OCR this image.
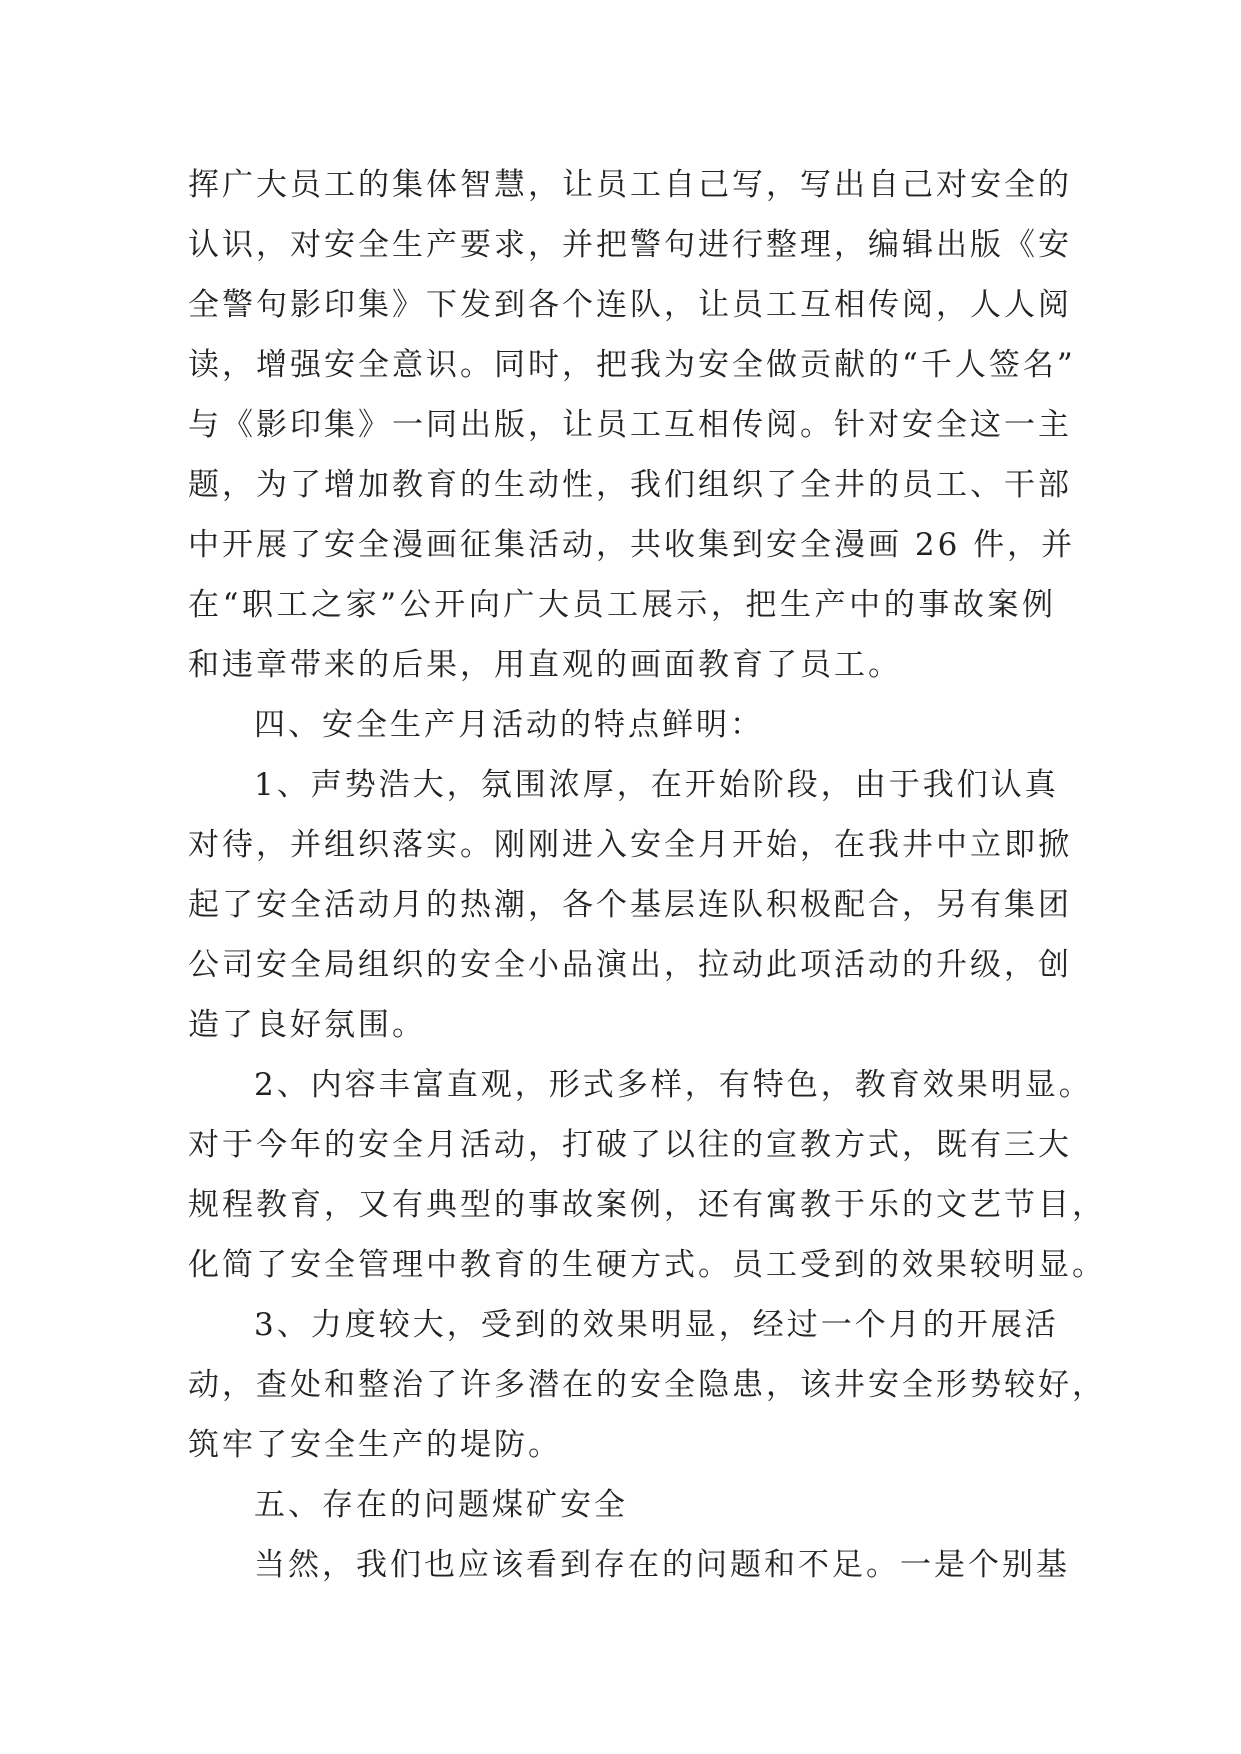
挥广大员工的集体智慧，让员工自己写，写出自己对安全的
认识，对安全生产要求，并把警句进行整理，编辑出版《安
全警句影印集》下发到各个连队，让员工互相传阅，人人阅
读，增强安全意识。同时，把我为安全做贡献的“千人签名”
与《影印集》一同出版，让员工互相传阅。针对安全这一主
题，为了增加教育的生动性，我们组织了全井的员工、干部
中开展了安全漫画征集活动，共收集到安全漫画 26 件，并
在“职工之家”公开向广大员工展示，把生产中的事故案例
和违章带来的后果，用直观的画面教育了员工。
四、安全生产月活动的特点鲜明：
1、声势浩大，氛围浓厚，在开始阶段，由于我们认真
对待，并组织落实。刚刚进入安全月开始，在我井中立即掀
起了安全活动月的热潮，各个基层连队积极配合，另有集团
公司安全局组织的安全小品演出，拉动此项活动的升级，创
造了良好氛围。
2、内容丰富直观，形式多样，有特色，教育效果明显。
对于今年的安全月活动，打破了以往的宣教方式，既有三大
规程教育，又有典型的事故案例，还有寓教于乐的文艺节目，
化简了安全管理中教育的生硬方式。员工受到的效果较明显。
3、力度较大，受到的效果明显，经过一个月的开展活
动，查处和整治了许多潜在的安全隐患，该井安全形势较好，
筑牢了安全生产的堤防。
五、存在的问题煤矿安全
当然，我们也应该看到存在的问题和不足。一是个别基
